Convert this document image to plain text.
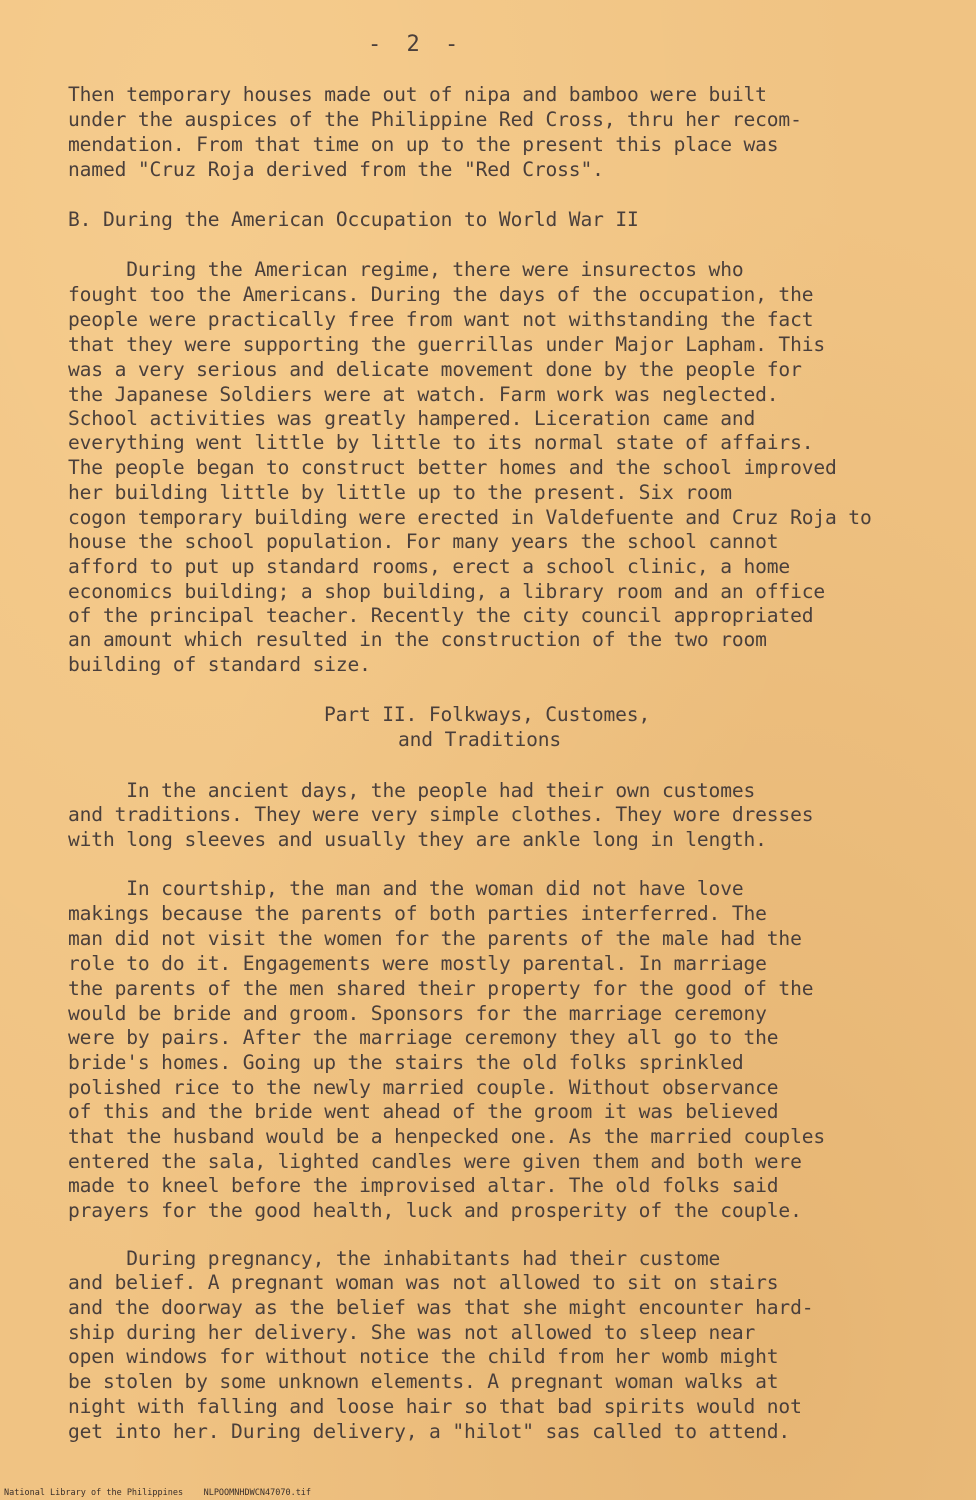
- 2 -
Then temporary houses made out of nipa and bamboo were built
under the auspices of the Philippine Red Cross, thru her recom-
mendation. From that time on up to the present this place was
named "Cruz Roja derived from the "Red Cross".
B. During the American Occupation to World War II
During the American regime, there were insurectos who
fought too the Americans. During the days of the occupation, the
people were practically free from want not withstanding the fact
that they were supporting the guerrillas under Major Lapham. This
was a very serious and delicate movement done by the people for
the Japanese Soldiers were at watch. Farm work was neglected.
School activities was greatly hampered. Liceration came and
everything went little by little to its normal state of affairs.
The people began to construct better homes and the school improved
her building little by little up to the present. Six room
cogon temporary building were erected in Valdefuente and Cruz Roja to
house the school population. For many years the school cannot
afford to put up standard rooms, erect a school clinic, a home
economics building; a shop building, a library room and an office
of the principal teacher. Recently the city council appropriated
an amount which resulted in the construction of the two room
building of standard size.
Part II. Folkways, Customes,
and Traditions
In the ancient days, the people had their own customes
and traditions. They were very simple clothes. They wore dresses
with long sleeves and usually they are ankle long in length.
In courtship, the man and the woman did not have love
makings because the parents of both parties interferred. The
man did not visit the women for the parents of the male had the
role to do it. Engagements were mostly parental. In marriage
the parents of the men shared their property for the good of the
would be bride and groom. Sponsors for the marriage ceremony
were by pairs. After the marriage ceremony they all go to the
bride's homes. Going up the stairs the old folks sprinkled
polished rice to the newly married couple. Without observance
of this and the bride went ahead of the groom it was believed
that the husband would be a henpecked one. As the married couples
entered the sala, lighted candles were given them and both were
made to kneel before the improvised altar. The old folks said
prayers for the good health, luck and prosperity of the couple.
During pregnancy, the inhabitants had their custome
and belief. A pregnant woman was not allowed to sit on stairs
and the doorway as the belief was that she might encounter hard-
ship during her delivery. She was not allowed to sleep near
open windows for without notice the child from her womb might
be stolen by some unknown elements. A pregnant woman walks at
night with falling and loose hair so that bad spirits would not
get into her. During delivery, a "hilot" sas called to attend.
National Library of the Philippines    NLPOOMNHDWCN47070.tif
